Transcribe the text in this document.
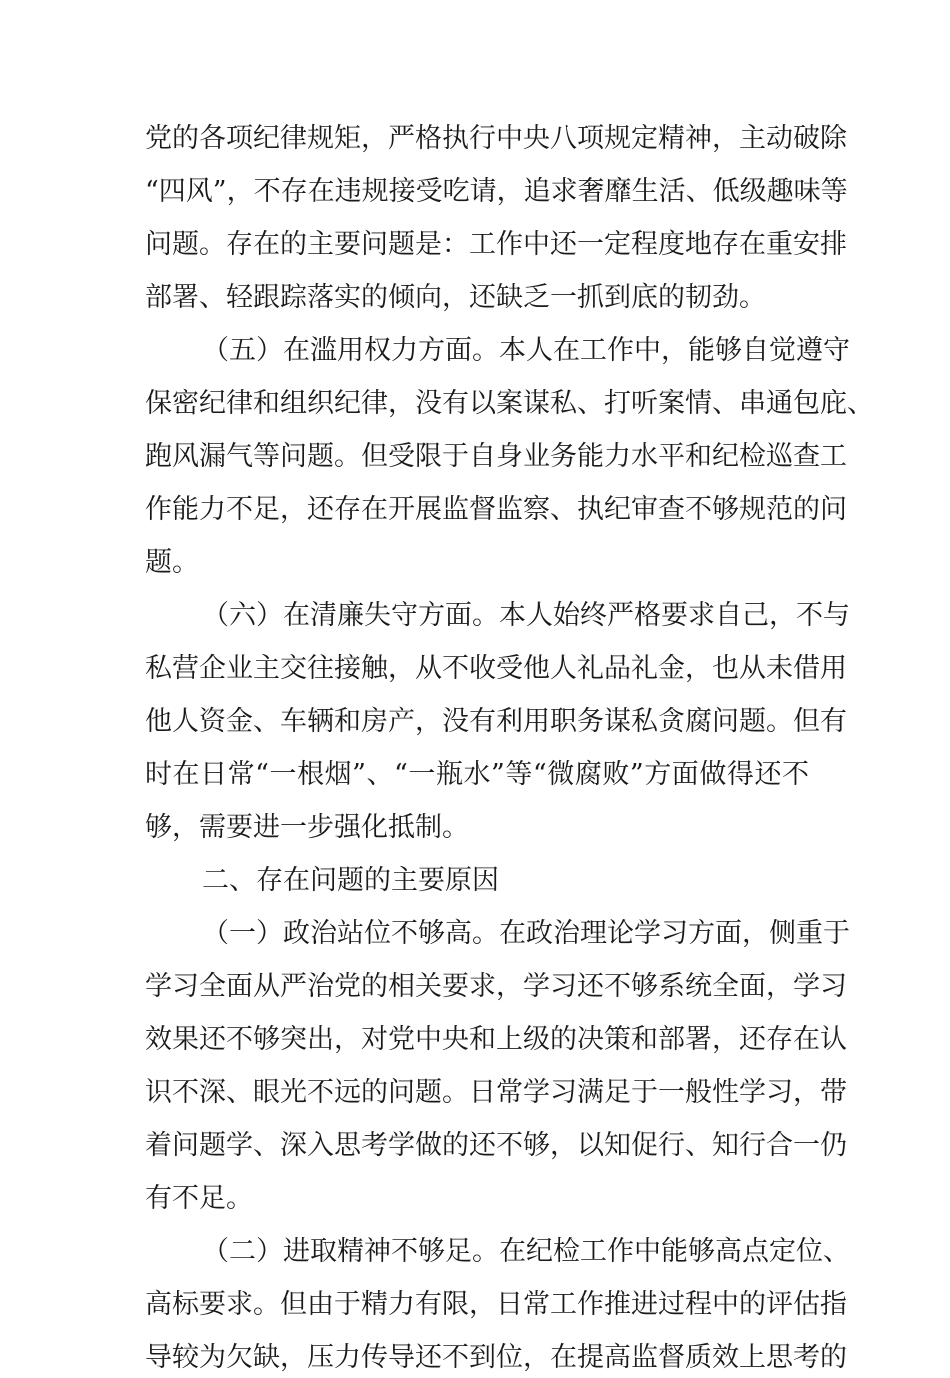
党的各项纪律规矩，严格执行中央八项规定精神，主动破除
“四风”，不存在违规接受吃请，追求奢靡生活、低级趣味等
问题。存在的主要问题是：工作中还一定程度地存在重安排
部署、轻跟踪落实的倾向，还缺乏一抓到底的韧劲。
（五）在滥用权力方面。本人在工作中，能够自觉遵守
保密纪律和组织纪律，没有以案谋私、打听案情、串通包庇、
跑风漏气等问题。但受限于自身业务能力水平和纪检巡查工
作能力不足，还存在开展监督监察、执纪审查不够规范的问
题。
（六）在清廉失守方面。本人始终严格要求自己，不与
私营企业主交往接触，从不收受他人礼品礼金，也从未借用
他人资金、车辆和房产，没有利用职务谋私贪腐问题。但有
时在日常“一根烟”、“一瓶水”等“微腐败”方面做得还不
够，需要进一步强化抵制。
二、存在问题的主要原因
（一）政治站位不够高。在政治理论学习方面，侧重于
学习全面从严治党的相关要求，学习还不够系统全面，学习
效果还不够突出，对党中央和上级的决策和部署，还存在认
识不深、眼光不远的问题。日常学习满足于一般性学习，带
着问题学、深入思考学做的还不够，以知促行、知行合一仍
有不足。
（二）进取精神不够足。在纪检工作中能够高点定位、
高标要求。但由于精力有限，日常工作推进过程中的评估指
导较为欠缺，压力传导还不到位，在提高监督质效上思考的
